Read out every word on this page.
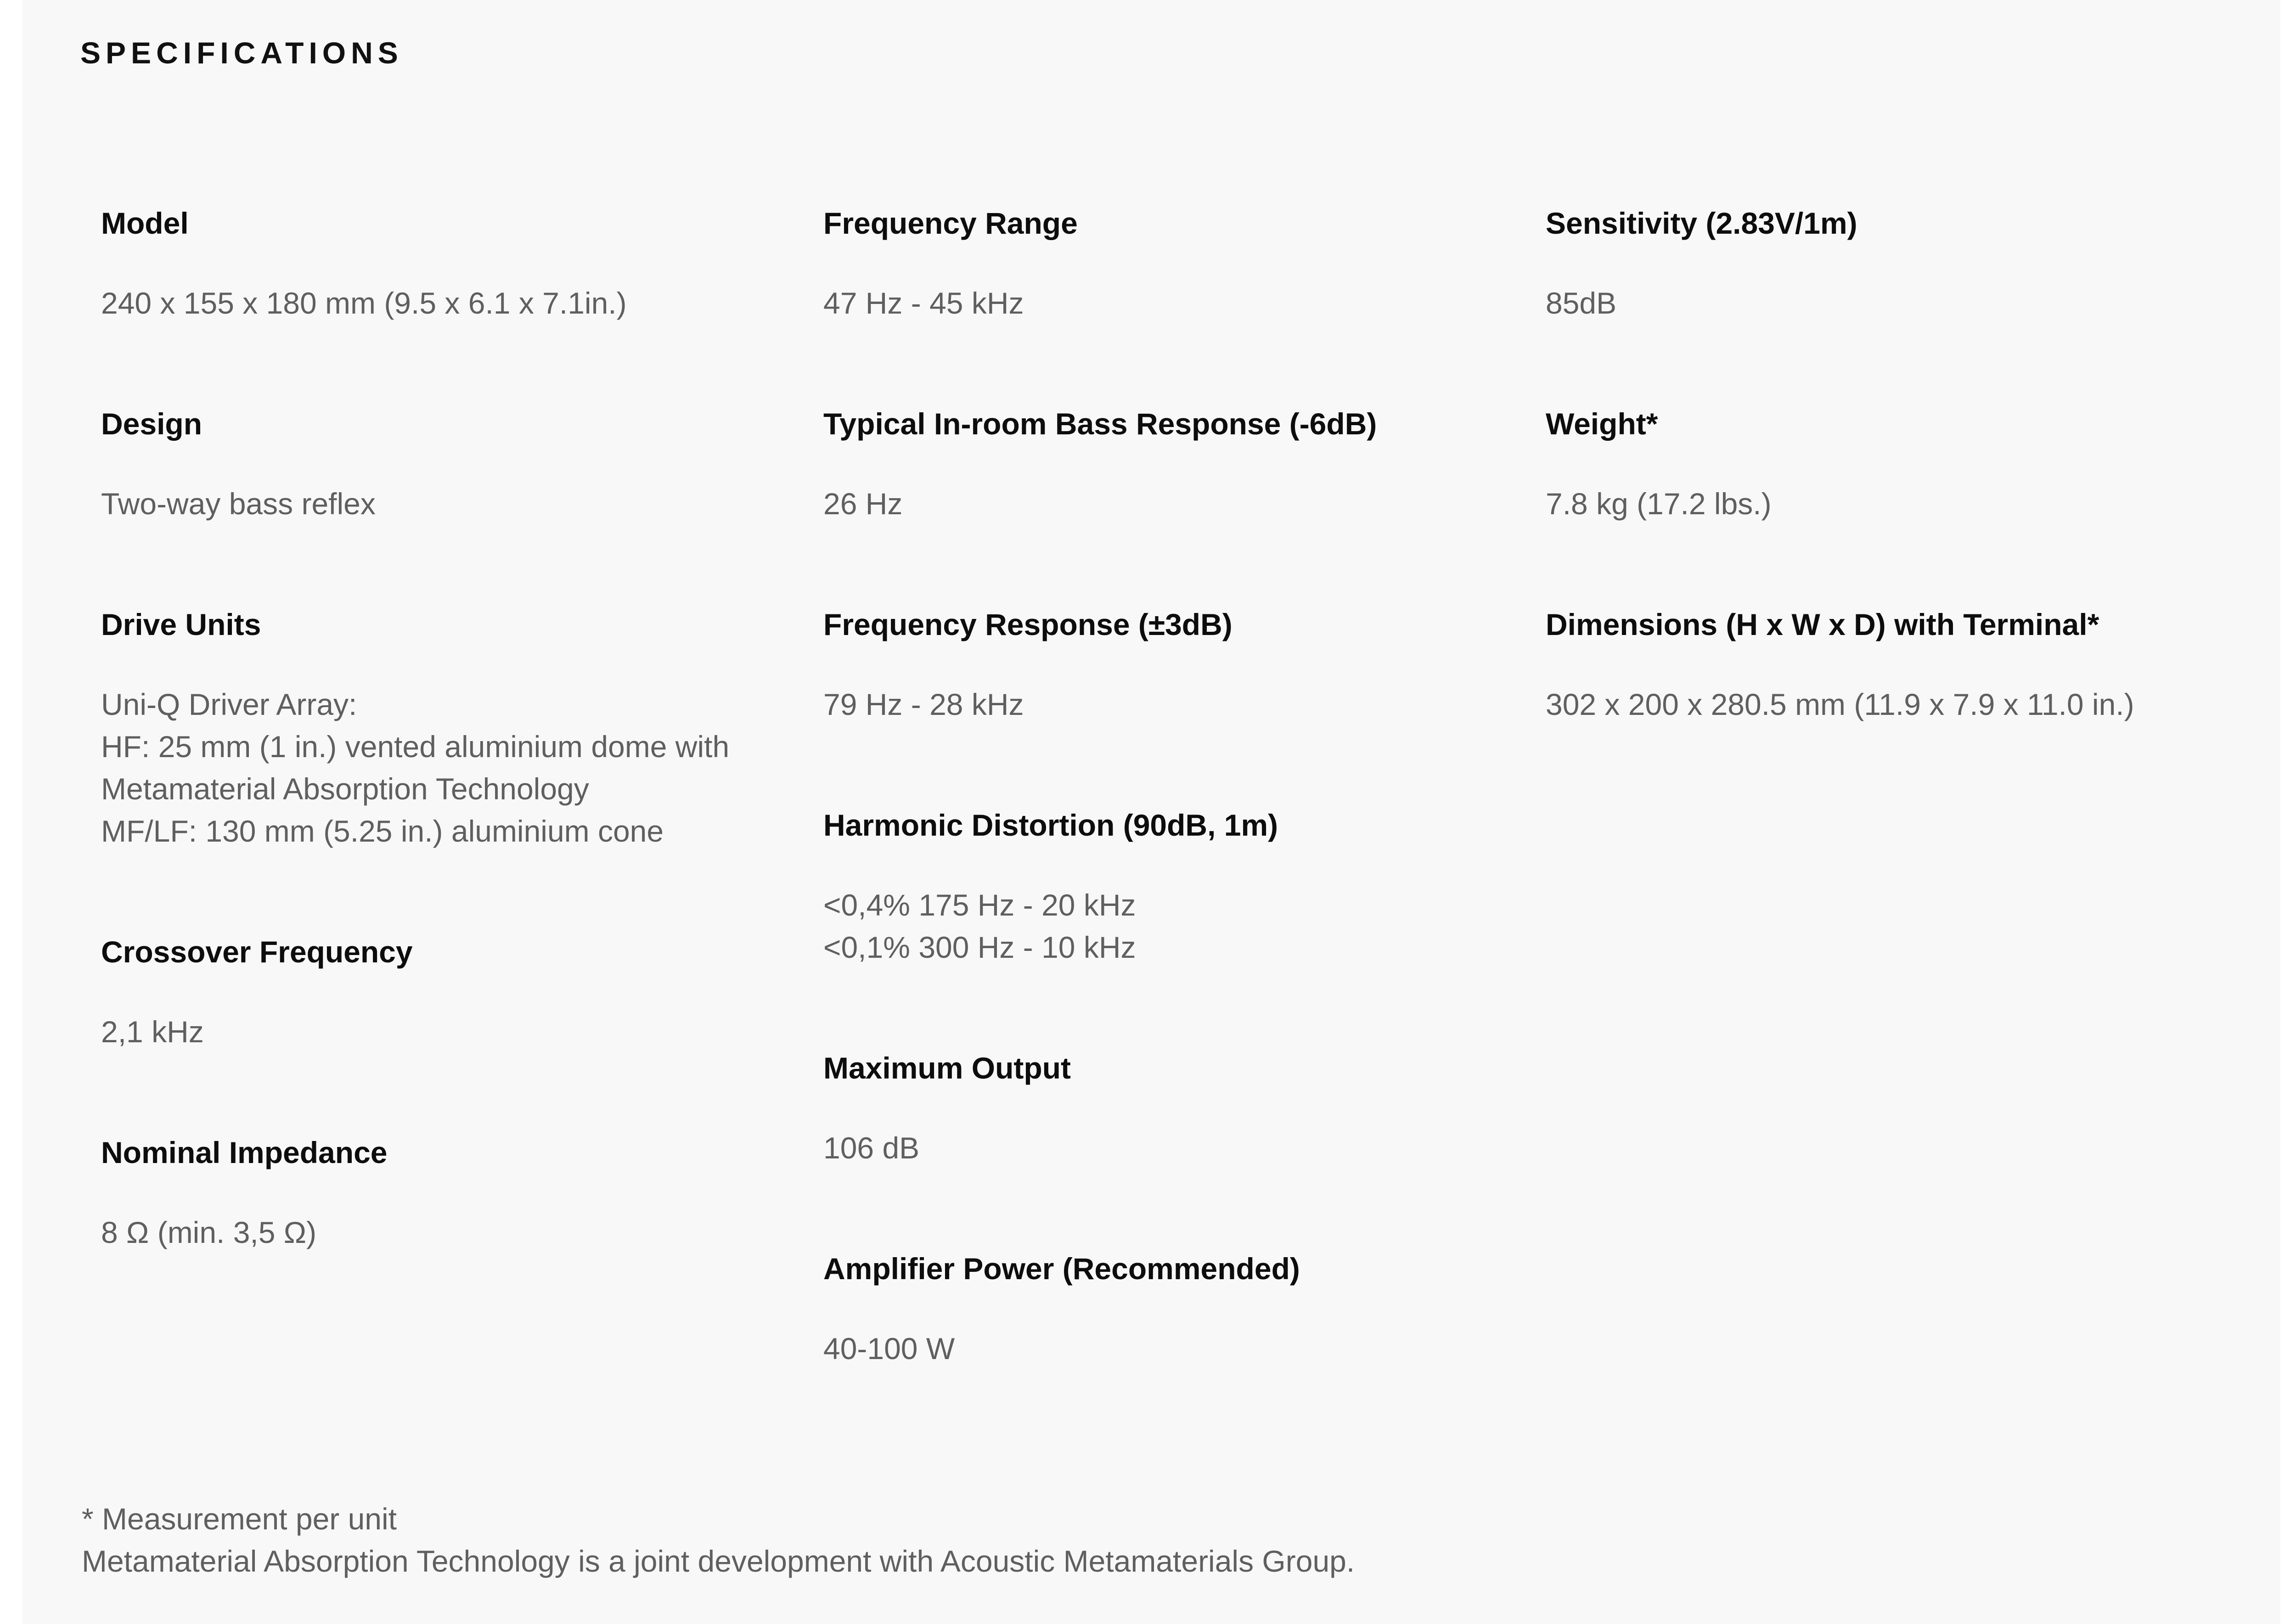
SPECIFICATIONS
Model
240 x 155 x 180 mm (9.5 x 6.1 x 7.1in.)
Design
Two-way bass reflex
Drive Units
Uni-Q Driver Array:
HF: 25 mm (1 in.) vented aluminium dome with
Metamaterial Absorption Technology
MF/LF: 130 mm (5.25 in.) aluminium cone
Crossover Frequency
2,1 kHz
Nominal Impedance
8 Ω (min. 3,5 Ω)
Frequency Range
47 Hz - 45 kHz
Typical In-room Bass Response (-6dB)
26 Hz
Frequency Response (±3dB)
79 Hz - 28 kHz
Harmonic Distortion (90dB, 1m)
<0,4% 175 Hz - 20 kHz
<0,1% 300 Hz - 10 kHz
Maximum Output
106 dB
Amplifier Power (Recommended)
40-100 W
Sensitivity (2.83V/1m)
85dB
Weight*
7.8 kg (17.2 lbs.)
Dimensions (H x W x D) with Terminal*
302 x 200 x 280.5 mm (11.9 x 7.9 x 11.0 in.)
* Measurement per unit
Metamaterial Absorption Technology is a joint development with Acoustic Metamaterials Group.
